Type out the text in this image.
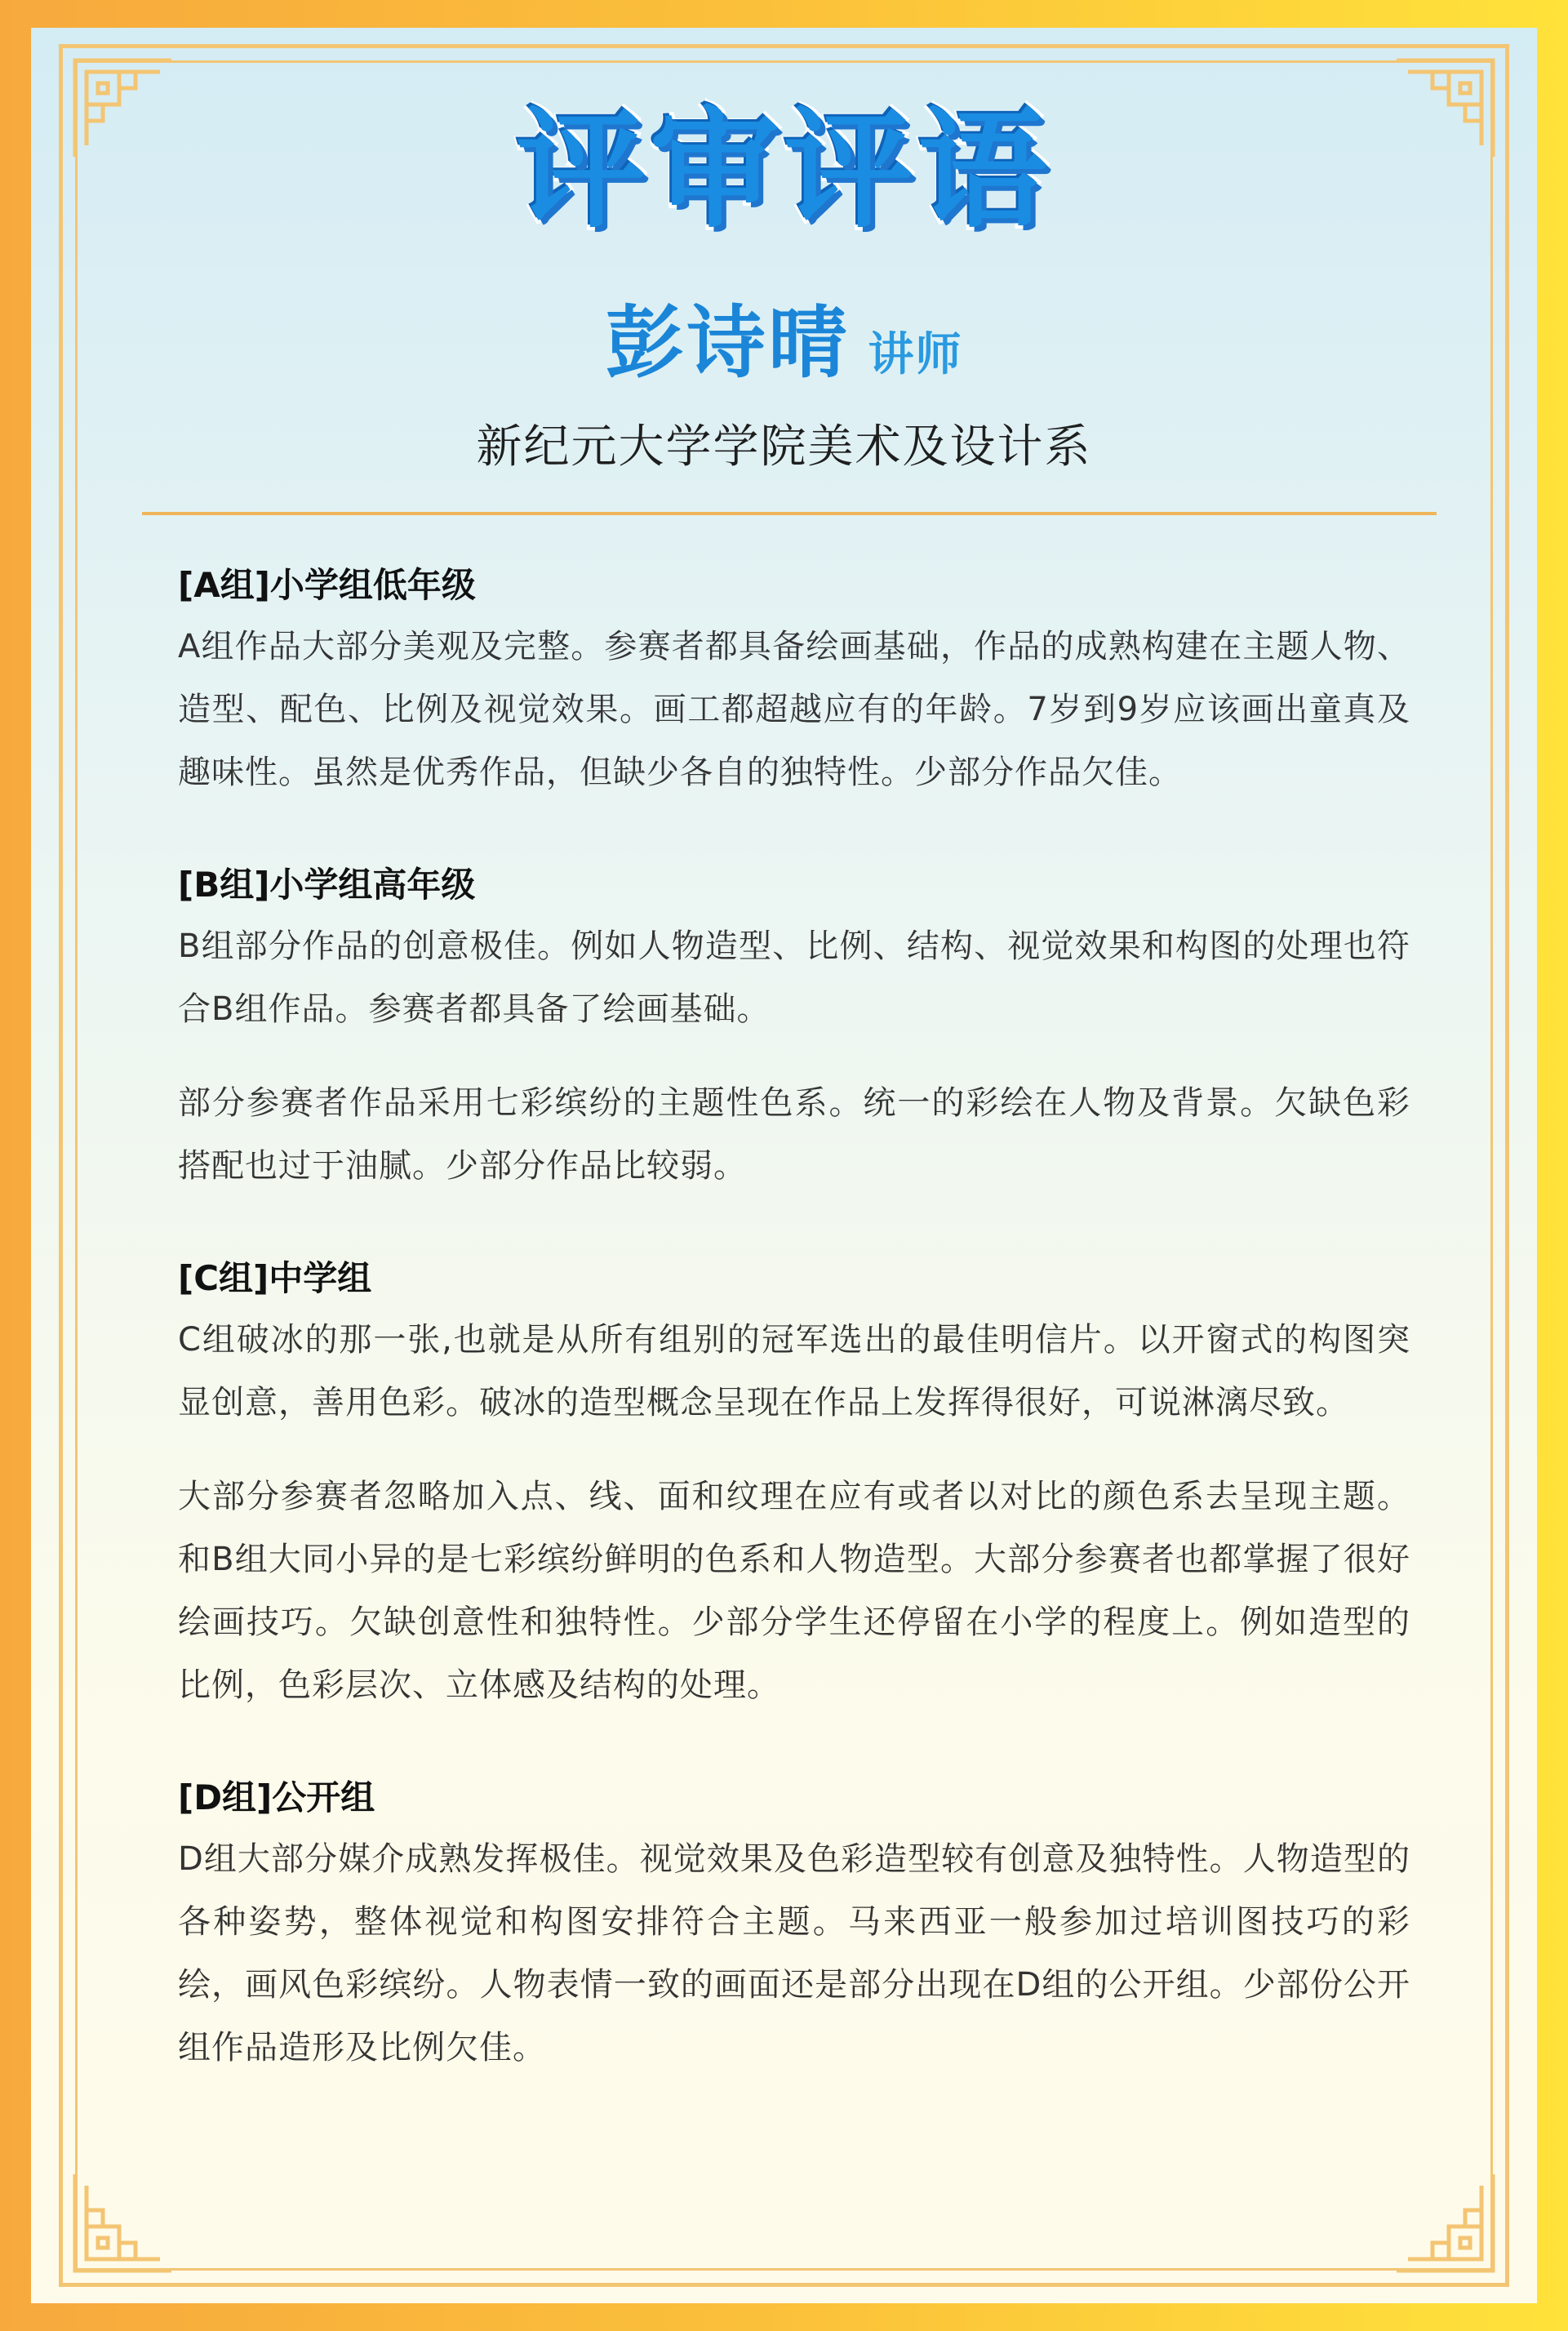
评审评语
彭诗晴 讲师
新纪元大学学院美术及设计系
[A组]小学组低年级

A组作品大部分美观及完整。参赛者都具备绘画基础，作品的成熟构建在主题人物、造型、配色、比例及视觉效果。画工都超越应有的年龄。7岁到9岁应该画出童真及趣味性。虽然是优秀作品，但缺少各自的独特性。少部分作品欠佳。

[B组]小学组高年级

B组部分作品的创意极佳。例如人物造型、比例、结构、视觉效果和构图的处理也符合B组作品。参赛者都具备了绘画基础。

部分参赛者作品采用七彩缤纷的主题性色系。统一的彩绘在人物及背景。欠缺色彩搭配也过于油腻。少部分作品比较弱。

[C组]中学组

C组破冰的那一张,也就是从所有组别的冠军选出的最佳明信片。以开窗式的构图突显创意，善用色彩。破冰的造型概念呈现在作品上发挥得很好，可说淋漓尽致。

大部分参赛者忽略加入点、线、面和纹理在应有或者以对比的颜色系去呈现主题。和B组大同小异的是七彩缤纷鲜明的色系和人物造型。大部分参赛者也都掌握了很好绘画技巧。欠缺创意性和独特性。少部分学生还停留在小学的程度上。例如造型的比例，色彩层次、立体感及结构的处理。

[D组]公开组

D组大部分媒介成熟发挥极佳。视觉效果及色彩造型较有创意及独特性。人物造型的各种姿势，整体视觉和构图安排符合主题。马来西亚一般参加过培训图技巧的彩绘，画风色彩缤纷。人物表情一致的画面还是部分出现在D组的公开组。少部份公开组作品造形及比例欠佳。
